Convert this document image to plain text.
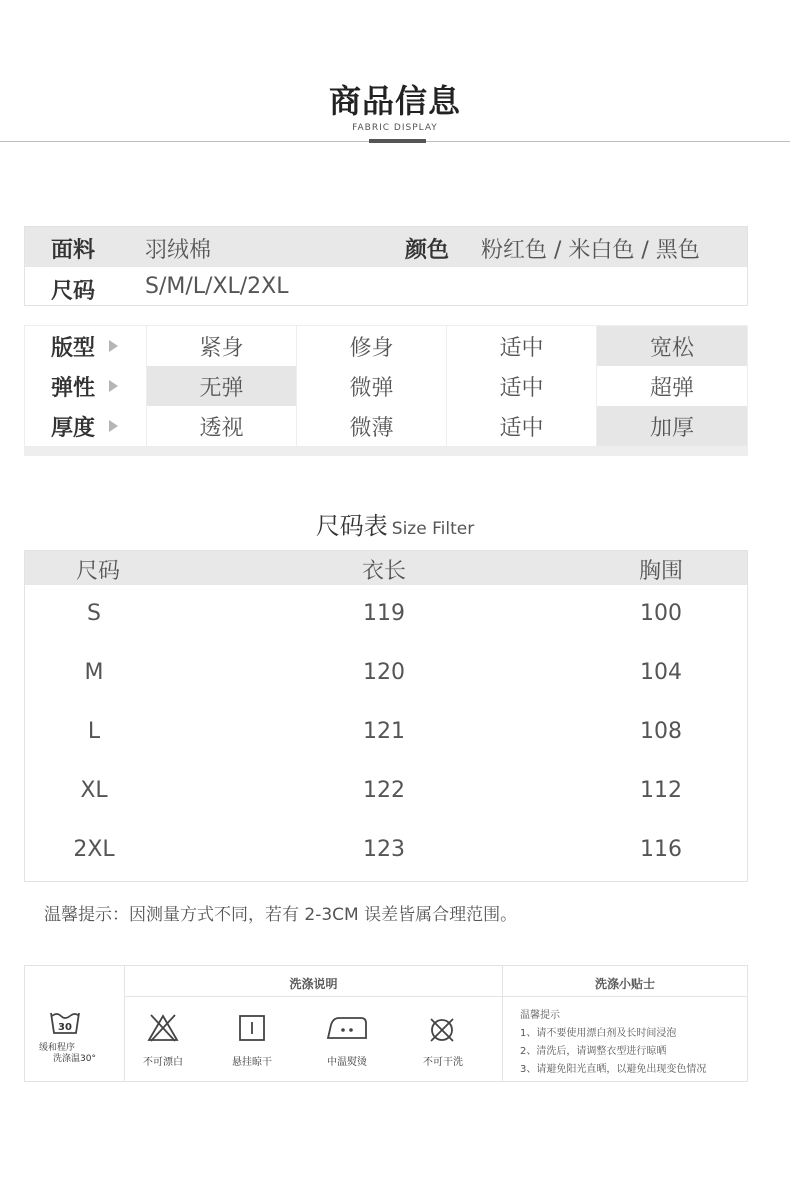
商品信息
FABRIC DISPLAY
面料 羽绒棉	颜色 粉红色 / 米白色 / 黑色
尺码 S/M/L/XL/2XL
版型	紧身	修身	适中	宽松
弹性	无弹	微弹	适中	超弹
厚度	透视	微薄	适中	加厚
尺码表 Size Filter
尺码	衣长	胸围
S	119	100
M	120	104
L	121	108
XL	122	112
2XL	123	116
温馨提示：因测量方式不同，若有 2-3CM 误差皆属合理范围。
洗涤说明	洗涤小贴士
30
缓和程序
洗涤温30°	不可漂白	悬挂晾干	中温熨烫	不可干洗
温馨提示
1、请不要使用漂白剂及长时间浸泡
2、清洗后，请调整衣型进行晾晒
3、请避免阳光直晒，以避免出现变色情况
